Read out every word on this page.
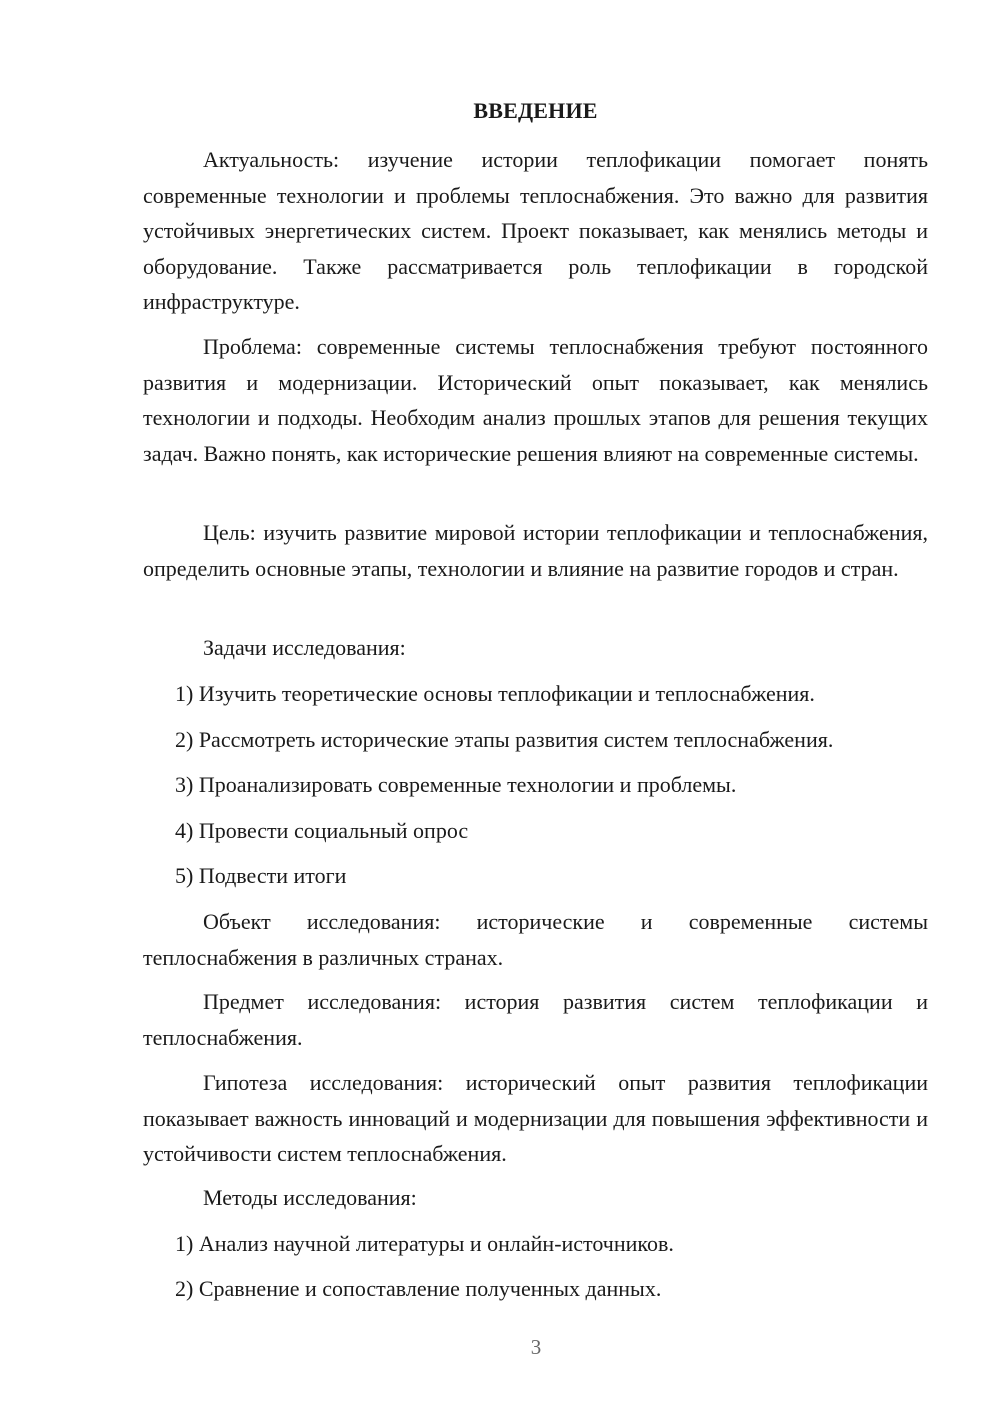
ВВЕДЕНИЕ

Актуальность: изучение истории теплофикации помогает понять современные технологии и проблемы теплоснабжения. Это важно для развития устойчивых энергетических систем. Проект показывает, как менялись методы и оборудование. Также рассматривается роль теплофикации в городской инфраструктуре.

Проблема: современные системы теплоснабжения требуют постоянного развития и модернизации. Исторический опыт показывает, как менялись технологии и подходы. Необходим анализ прошлых этапов для решения текущих задач. Важно понять, как исторические решения влияют на современные системы.

Цель: изучить развитие мировой истории теплофикации и теплоснабжения, определить основные этапы, технологии и влияние на развитие городов и стран.

Задачи исследования:
1) Изучить теоретические основы теплофикации и теплоснабжения.
2) Рассмотреть исторические этапы развития систем теплоснабжения.
3) Проанализировать современные технологии и проблемы.
4) Провести социальный опрос
5) Подвести итоги

Объект исследования: исторические и современные системы теплоснабжения в различных странах.

Предмет исследования: история развития систем теплофикации и теплоснабжения.

Гипотеза исследования: исторический опыт развития теплофикации показывает важность инноваций и модернизации для повышения эффективности и устойчивости систем теплоснабжения.

Методы исследования:
1) Анализ научной литературы и онлайн-источников.
2) Сравнение и сопоставление полученных данных.
3
